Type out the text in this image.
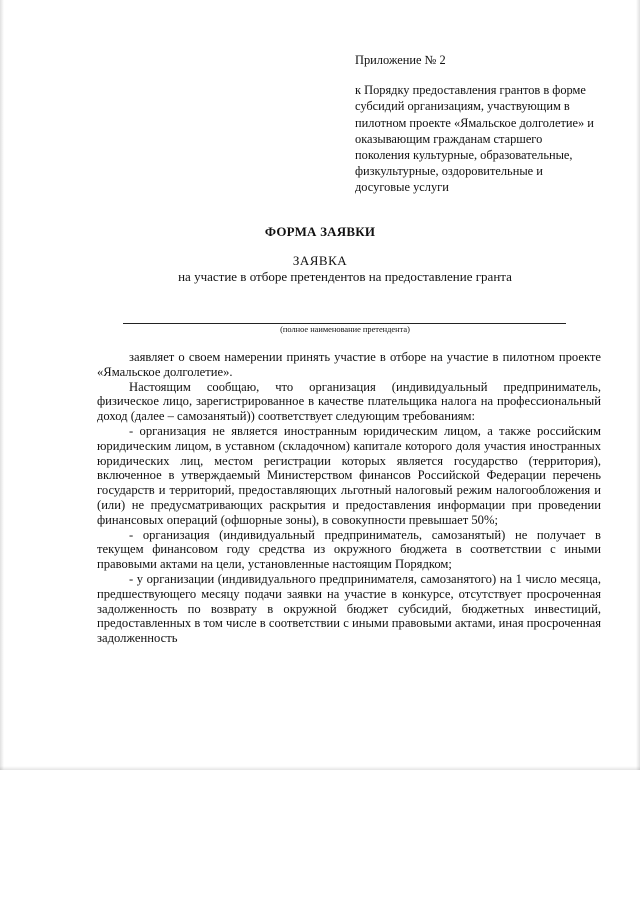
Приложение № 2

к Порядку предоставления грантов в форме субсидий организациям, участвующим в пилотном проекте «Ямальское долголетие» и оказывающим гражданам старшего поколения культурные, образовательные, физкультурные, оздоровительные и досуговые услуги

ФОРМА ЗАЯВКИ
ЗАЯВКА
на участие в отборе претендентов на предоставление гранта
(полное наименование претендента)

заявляет о своем намерении принять участие в отборе на участие в пилотном проекте «Ямальское долголетие».

Настоящим сообщаю, что организация (индивидуальный предприниматель, физическое лицо, зарегистрированное в качестве плательщика налога на профессиональный доход (далее – самозанятый)) соответствует следующим требованиям:

- организация не является иностранным юридическим лицом, а также российским юридическим лицом, в уставном (складочном) капитале которого доля участия иностранных юридических лиц, местом регистрации которых является государство (территория), включенное в утверждаемый Министерством финансов Российской Федерации перечень государств и территорий, предоставляющих льготный налоговый режим налогообложения и (или) не предусматривающих раскрытия и предоставления информации при проведении финансовых операций (офшорные зоны), в совокупности превышает 50%;

- организация (индивидуальный предприниматель, самозанятый) не получает в текущем финансовом году средства из окружного бюджета в соответствии с иными правовыми актами на цели, установленные настоящим Порядком;

- у организации (индивидуального предпринимателя, самозанятого) на 1 число месяца, предшествующего месяцу подачи заявки на участие в конкурсе, отсутствует просроченная задолженность по возврату в окружной бюджет субсидий, бюджетных инвестиций, предоставленных в том числе в соответствии с иными правовыми актами, иная просроченная задолженность
